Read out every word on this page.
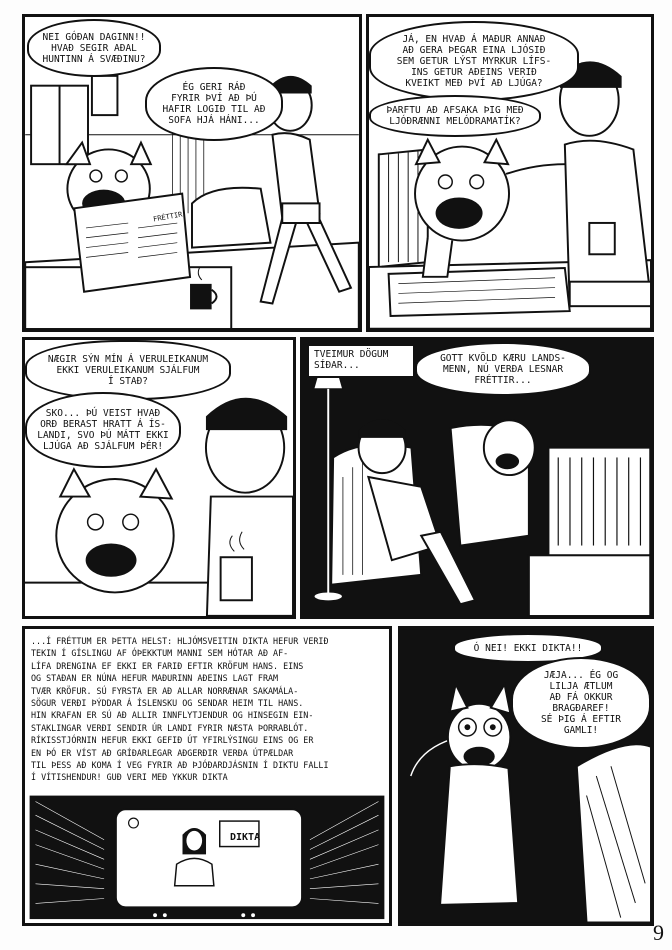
FRÉTTIR
NEI GÓÐAN DAGINN!!
HVAÐ SEGIR AÐAL
HUNTINN Á SVÆÐINU?
ÉG GERI RÁÐ
FYRIR ÞVÍ AÐ ÞÚ
HAFIR LOGIÐ TIL AÐ
SOFA HJÁ HÁNI...
JÁ, EN HVAÐ Á MAÐUR ANNAÐ
AÐ GERA ÞEGAR EINA LJÓSIÐ
SEM GETUR LÝST MYRKUR LÍFS-
INS GETUR AÐEINS VERIÐ
KVEIKT MEÐ ÞVÍ AÐ LJÚGA?
ÞARFTU AÐ AFSAKA ÞIG MEÐ
LJÓÐRÆNNI MELÓDRAMATÍK?
NÆGIR SÝN MÍN Á VERULEIKANUM
EKKI VERULEIKANUM SJÁLFUM
Í STAÐ?
SKO... ÞÚ VEIST HVAÐ
ORÐ BERAST HRATT Á ÍS-
LANDI, SVO ÞÚ MÁTT EKKI
LJÚGA AÐ SJÁLFUM ÞÉR!
TVEIMUR DÖGUM
SÍÐAR...
GOTT KVÖLD KÆRU LANDS-
MENN, NÚ VERÐA LESNAR
FRÉTTIR...
...Í FRÉTTUM ER ÞETTA HELST: HLJÓMSVEITIN DIKTA HEFUR VERIÐ
TEKIN Í GÍSLINGU AF ÓÞEKKTUM MANNI SEM HÓTAR AÐ AF-
LÍFA DRENGINA EF EKKI ER FARIÐ EFTIR KRÖFUM HANS. EINS
OG STAÐAN ER NÚNA HEFUR MAÐURINN AÐEINS LAGT FRAM
TVÆR KRÖFUR. SÚ FYRSTA ER AÐ ALLAR NORRÆNAR SAKAMÁLA-
SÖGUR VERÐI ÞÝDDAR Á ÍSLENSKU OG SENDAR HEIM TIL HANS.
HIN KRAFAN ER SÚ AÐ ALLIR INNFLYTJENDUR OG HINSEGIN EIN-
STAKLINGAR VERÐI SENDIR ÚR LANDI FYRIR NÆSTA ÞORRABLÓT.
RÍKISSTJÓRNIN HEFUR EKKI GEFIÐ ÚT YFIRLÝSINGU EINS OG ER
EN ÞÓ ER VÍST AÐ GRÍÐARLEGAR AÐGERÐIR VERÐA ÚTPÆLDAR
TIL ÞESS AÐ KOMA Í VEG FYRIR AÐ ÞJÓÐARDJÁSNIN Í DIKTU FALLI
Í VÍTISHENDUR! GUÐ VERI MEÐ YKKUR DIKTA
DIKTA
Ó NEI! EKKI DIKTA!!
JÆJA... ÉG OG
LILJA ÆTLUM
AÐ FÁ OKKUR
BRAGÐAREF!
SÉ ÞIG Á EFTIR
GAMLI!
9
